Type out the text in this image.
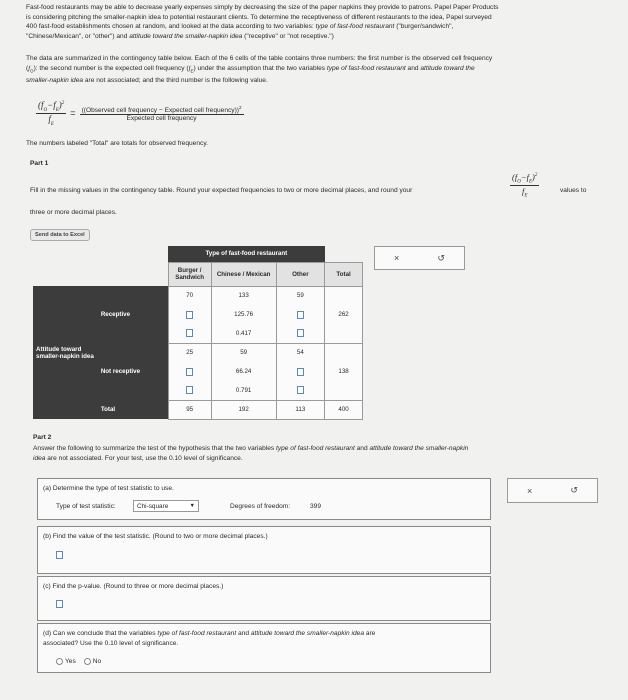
Fast-food restaurants may be able to decrease yearly expenses simply by decreasing the size of the paper napkins they provide to patrons. Papel Paper Products
is considering pitching the smaller-napkin idea to potential restaurant clients. To determine the receptiveness of different restaurants to the idea, Papel surveyed
400 fast-food establishments chosen at random, and looked at the data according to two variables: type of fast-food restaurant ("burger/sandwich",
"Chinese/Mexican", or "other") and attitude toward the smaller-napkin idea ("receptive" or "not receptive.")
The data are summarized in the contingency table below. Each of the 6 cells of the table contains three numbers: the first number is the observed cell frequency
$(f_O)$: the second number is the expected cell frequency $(f_E)$ under the assumption that the two variables type of fast-food restaurant and attitude toward the
smaller-napkin idea are not associated; and the third number is the following value.
$\frac{(f_O-f_E)^2}{f_E} = \frac{((Observed cell frequency - Expected cell frequency))^2}{\text{Expected cell frequency}}$
The numbers labeled "Total" are totals for observed frequency.
Part 1
Fill in the missing values in the contingency table. Round your expected frequencies to two or more decimal places, and round your	$\frac{(f_O-f_E)^2}{f_E}$	values to
three or more decimal places.
Send data to Excel
		Type of fast-food restaurant			
		Burger / Sandwich	Chinese / Mexican	Other	Total
Attitude toward smaller-napkin idea	Receptive	70	133	59	262
			125.76		
			0.417		
	Not receptive	25	59	54	138
			66.24		
			0.791		
	Total	95	192	113	400
×	↺
Part 2
Answer the following to summarize the test of the hypothesis that the two variables type of fast-food restaurant and attitude toward the smaller-napkin
idea are not associated. For your test, use the 0.10 level of significance.
(a) Determine the type of test statistic to use.
Type of test statistic:	Chi-square	▼	Degrees of freedom:	399
(b) Find the value of the test statistic. (Round to two or more decimal places.)
(c) Find the p-value. (Round to three or more decimal places.)
(d) Can we conclude that the variables type of fast-food restaurant and attitude toward the smaller-napkin idea are
associated? Use the 0.10 level of significance.
Yes	No
×	↺
